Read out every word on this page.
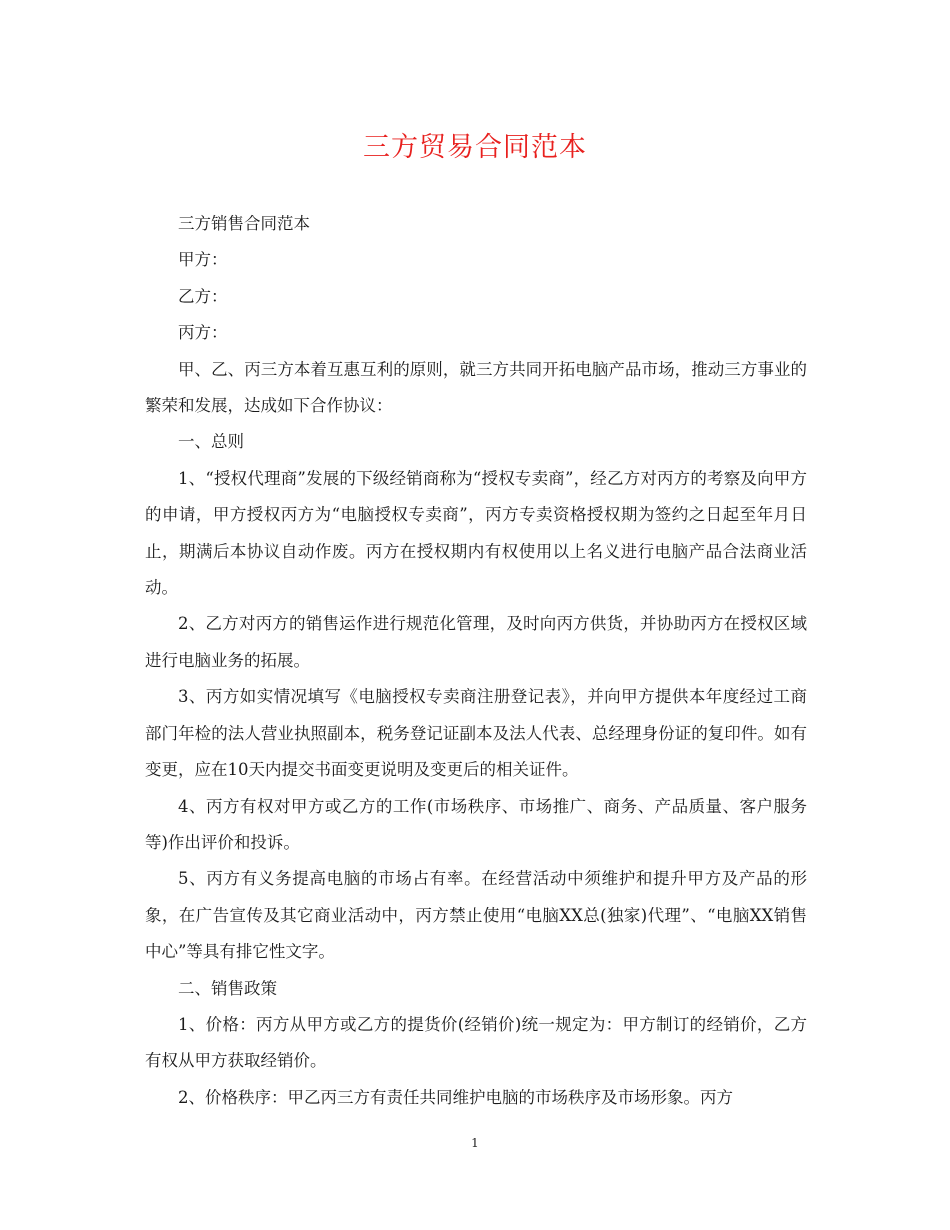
三方贸易合同范本

三方销售合同范本

甲方：

乙方：

丙方：

甲、乙、丙三方本着互惠互利的原则，就三方共同开拓电脑产品市场，推动三方事业的繁荣和发展，达成如下合作协议：

一、总则

1、“授权代理商”发展的下级经销商称为“授权专卖商”，经乙方对丙方的考察及向甲方的申请，甲方授权丙方为“电脑授权专卖商”，丙方专卖资格授权期为签约之日起至年月日止，期满后本协议自动作废。丙方在授权期内有权使用以上名义进行电脑产品合法商业活动。

2、乙方对丙方的销售运作进行规范化管理，及时向丙方供货，并协助丙方在授权区域进行电脑业务的拓展。

3、丙方如实情况填写《电脑授权专卖商注册登记表》，并向甲方提供本年度经过工商部门年检的法人营业执照副本，税务登记证副本及法人代表、总经理身份证的复印件。如有变更，应在10天内提交书面变更说明及变更后的相关证件。

4、丙方有权对甲方或乙方的工作(市场秩序、市场推广、商务、产品质量、客户服务等)作出评价和投诉。

5、丙方有义务提高电脑的市场占有率。在经营活动中须维护和提升甲方及产品的形象，在广告宣传及其它商业活动中，丙方禁止使用“电脑XX总(独家)代理”、“电脑XX销售中心”等具有排它性文字。

二、销售政策

1、价格：丙方从甲方或乙方的提货价(经销价)统一规定为：甲方制订的经销价，乙方有权从甲方获取经销价。

2、价格秩序：甲乙丙三方有责任共同维护电脑的市场秩序及市场形象。丙方

1
